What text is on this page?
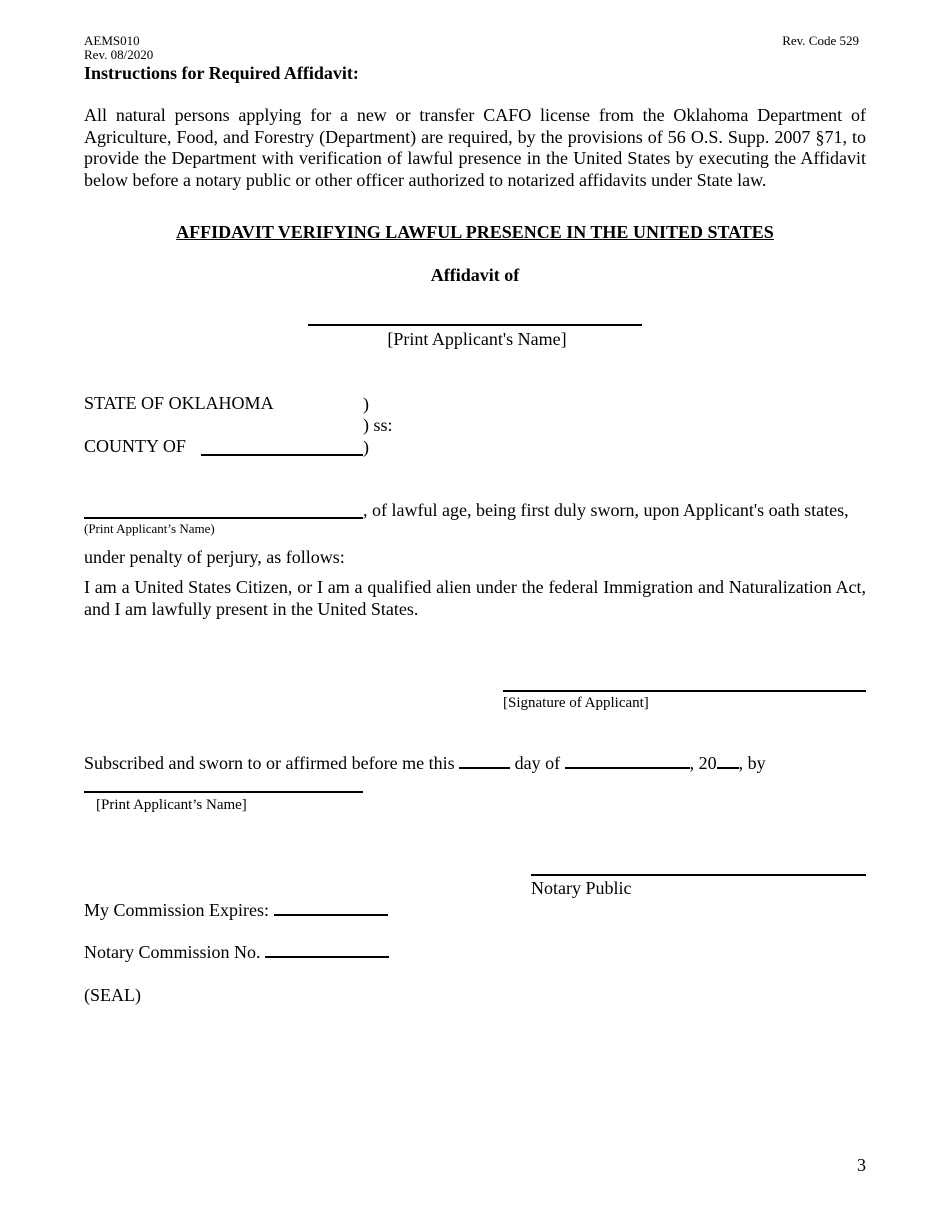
AEMS010
Rev. 08/2020
Rev. Code 529
Instructions for Required Affidavit:
All natural persons applying for a new or transfer CAFO license from the Oklahoma Department of Agriculture, Food, and Forestry (Department) are required, by the provisions of 56 O.S. Supp. 2007 §71, to provide the Department with verification of lawful presence in the United States by executing the Affidavit below before a notary public or other officer authorized to notarized affidavits under State law.
AFFIDAVIT VERIFYING LAWFUL PRESENCE IN THE UNITED STATES
Affidavit of
[Print Applicant's Name]
STATE OF OKLAHOMA	)
) ss:
COUNTY OF	)
, of lawful age, being first duly sworn, upon Applicant's oath states,
(Print Applicant’s Name)
under penalty of perjury, as follows:
I am a United States Citizen, or I am a qualified alien under the federal Immigration and Naturalization Act, and I am lawfully present in the United States.
[Signature of Applicant]
Subscribed and sworn to or affirmed before me this	day of	, 20 , by
[Print Applicant’s Name]
Notary Public
My Commission Expires:
Notary Commission No.
(SEAL)
3
